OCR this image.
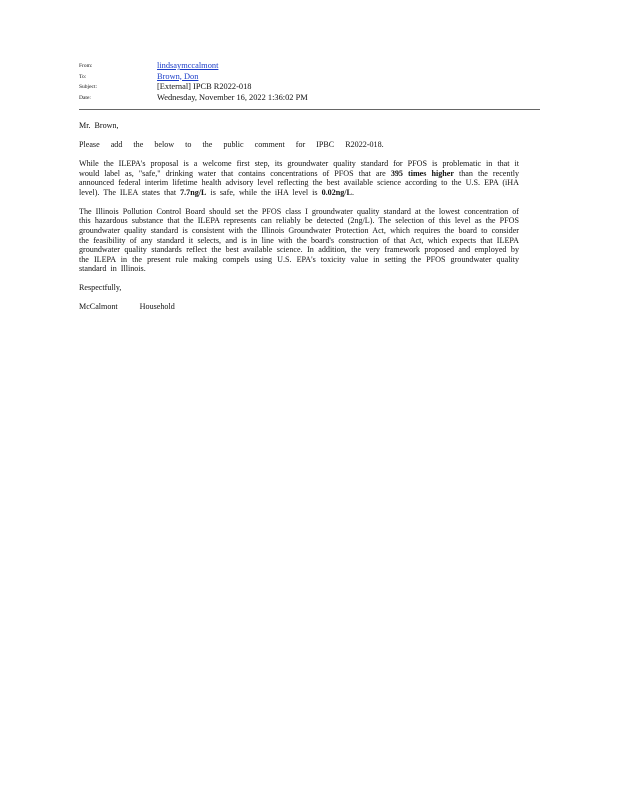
From:	lindsaymccalmont
To:	Brown, Don
Subject:	[External] IPCB R2022-018
Date:	Wednesday, November 16, 2022 1:36:02 PM

Mr. Brown,

Please add the below to the public comment for IPBC R2022-018.

While the ILEPA's proposal is a welcome first step, its groundwater quality standard for PFOS is problematic in that it would label as, "safe," drinking water that contains concentrations of PFOS that are 395 times higher than the recently announced federal interim lifetime health advisory level reflecting the best available science according to the U.S. EPA (iHA level). The ILEA states that 7.7ng/L is safe, while the iHA level is 0.02ng/L.

The Illinois Pollution Control Board should set the PFOS class I groundwater quality standard at the lowest concentration of this hazardous substance that the ILEPA represents can reliably be detected (2ng/L). The selection of this level as the PFOS groundwater quality standard is consistent with the Illinois Groundwater Protection Act, which requires the board to consider the feasibility of any standard it selects, and is in line with the board's construction of that Act, which expects that ILEPA groundwater quality standards reflect the best available science. In addition, the very framework proposed and employed by the ILEPA in the present rule making compels using U.S. EPA's toxicity value in setting the PFOS groundwater quality standard in Illinois.

Respectfully,

McCalmont	Household
